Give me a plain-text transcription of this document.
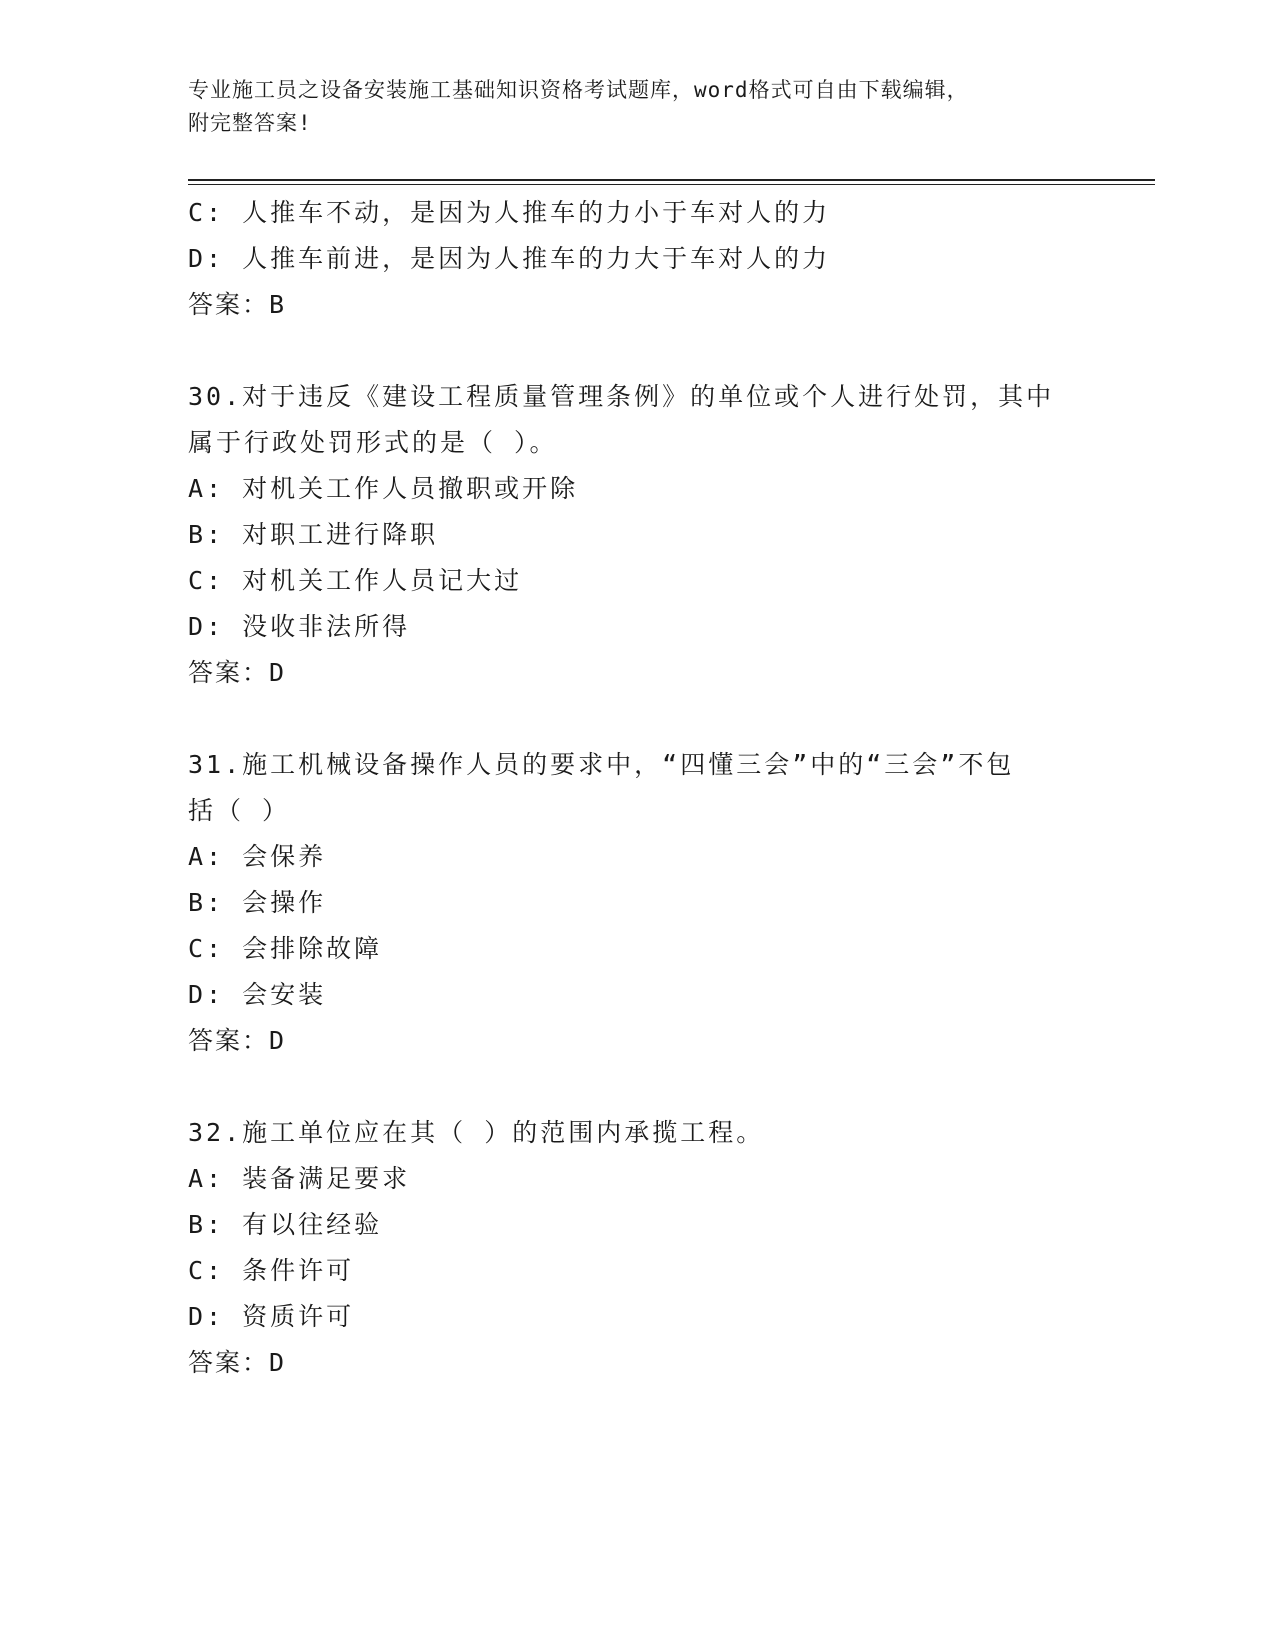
专业施工员之设备安装施工基础知识资格考试题库，word格式可自由下载编辑，
附完整答案!
C: 人推车不动，是因为人推车的力小于车对人的力
D: 人推车前进，是因为人推车的力大于车对人的力
答案：B
30.对于违反《建设工程质量管理条例》的单位或个人进行处罚，其中
属于行政处罚形式的是（ ）。
A: 对机关工作人员撤职或开除
B: 对职工进行降职
C: 对机关工作人员记大过
D: 没收非法所得
答案：D
31.施工机械设备操作人员的要求中，“四懂三会”中的“三会”不包
括（ ）
A: 会保养
B: 会操作
C: 会排除故障
D: 会安装
答案：D
32.施工单位应在其（ ）的范围内承揽工程。
A: 装备满足要求
B: 有以往经验
C: 条件许可
D: 资质许可
答案：D
